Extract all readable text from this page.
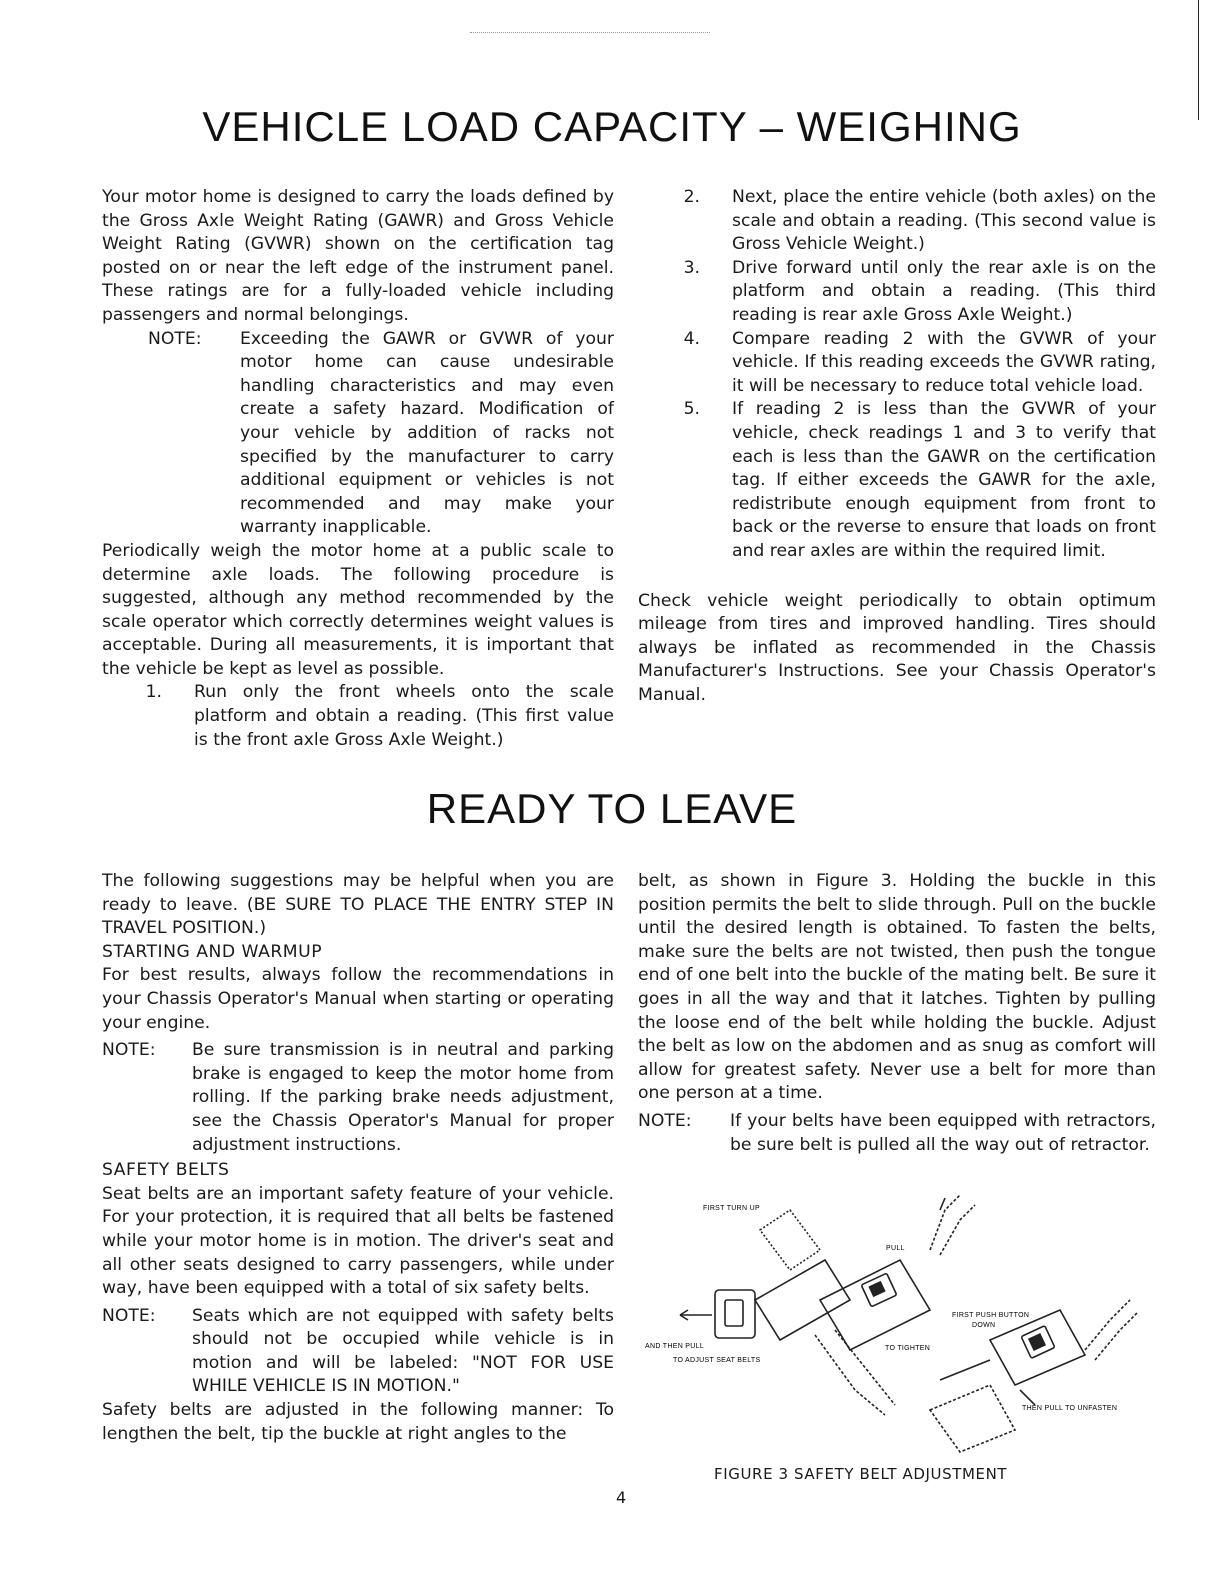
VEHICLE LOAD CAPACITY – WEIGHING

Your motor home is designed to carry the loads defined by the Gross Axle Weight Rating (GAWR) and Gross Vehicle Weight Rating (GVWR) shown on the certification tag posted on or near the left edge of the instrument panel. These ratings are for a fully-loaded vehicle including passengers and normal belongings.

NOTE:	Exceeding the GAWR or GVWR of your motor home can cause undesirable handling characteristics and may even create a safety hazard. Modification of your vehicle by addition of racks not specified by the manufacturer to carry additional equipment or vehicles is not recommended and may make your warranty inapplicable.

Periodically weigh the motor home at a public scale to determine axle loads. The following procedure is suggested, although any method recommended by the scale operator which correctly determines weight values is acceptable. During all measurements, it is important that the vehicle be kept as level as possible.

1.	Run only the front wheels onto the scale platform and obtain a reading. (This first value is the front axle Gross Axle Weight.)
2.	Next, place the entire vehicle (both axles) on the scale and obtain a reading. (This second value is Gross Vehicle Weight.)
3.	Drive forward until only the rear axle is on the platform and obtain a reading. (This third reading is rear axle Gross Axle Weight.)
4.	Compare reading 2 with the GVWR of your vehicle. If this reading exceeds the GVWR rating, it will be necessary to reduce total vehicle load.
5.	If reading 2 is less than the GVWR of your vehicle, check readings 1 and 3 to verify that each is less than the GAWR on the certification tag. If either exceeds the GAWR for the axle, redistribute enough equipment from front to back or the reverse to ensure that loads on front and rear axles are within the required limit.

Check vehicle weight periodically to obtain optimum mileage from tires and improved handling. Tires should always be inflated as recommended in the Chassis Manufacturer's Instructions. See your Chassis Operator's Manual.

READY TO LEAVE

The following suggestions may be helpful when you are ready to leave. (BE SURE TO PLACE THE ENTRY STEP IN TRAVEL POSITION.)

STARTING AND WARMUP

For best results, always follow the recommendations in your Chassis Operator's Manual when starting or operating your engine.

NOTE:	Be sure transmission is in neutral and parking brake is engaged to keep the motor home from rolling. If the parking brake needs adjustment, see the Chassis Operator's Manual for proper adjustment instructions.
SAFETY BELTS

Seat belts are an important safety feature of your vehicle. For your protection, it is required that all belts be fastened while your motor home is in motion. The driver's seat and all other seats designed to carry passengers, while under way, have been equipped with a total of six safety belts.

NOTE:	Seats which are not equipped with safety belts should not be occupied while vehicle is in motion and will be labeled: "NOT FOR USE WHILE VEHICLE IS IN MOTION."

Safety belts are adjusted in the following manner: To lengthen the belt, tip the buckle at right angles to the

belt, as shown in Figure 3. Holding the buckle in this position permits the belt to slide through. Pull on the buckle until the desired length is obtained. To fasten the belts, make sure the belts are not twisted, then push the tongue end of one belt into the buckle of the mating belt. Be sure it goes in all the way and that it latches. Tighten by pulling the loose end of the belt while holding the buckle. Adjust the belt as low on the abdomen and as snug as comfort will allow for greatest safety. Never use a belt for more than one person at a time.

NOTE:	If your belts have been equipped with retractors, be sure belt is pulled all the way out of retractor.
FIRST TURN UP
PULL
FIRST PUSH BUTTON
DOWN
AND THEN PULL
TO ADJUST SEAT BELTS
TO TIGHTEN
THEN PULL TO UNFASTEN
FIGURE 3 SAFETY BELT ADJUSTMENT
4
